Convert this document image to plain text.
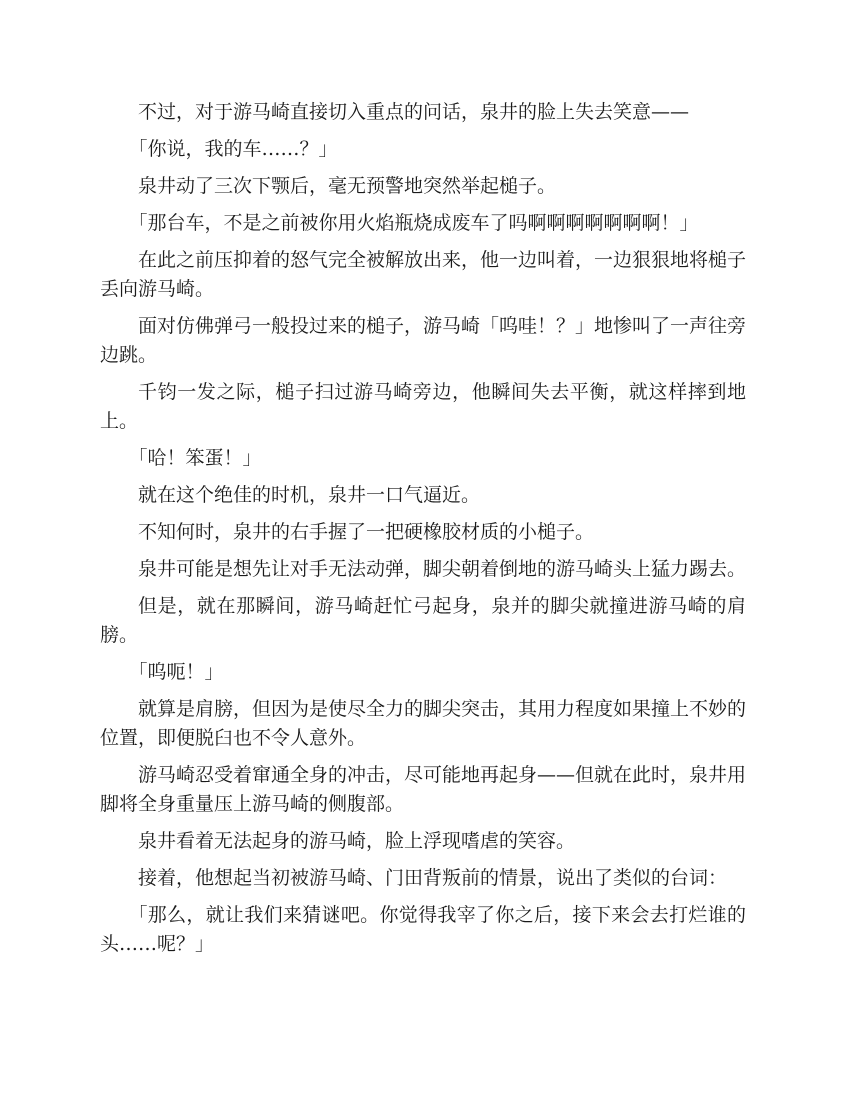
不过，对于游马崎直接切入重点的问话，泉井的脸上失去笑意——

「你说，我的车……？」

泉井动了三次下颚后，毫无预警地突然举起槌子。

「那台车，不是之前被你用火焰瓶烧成废车了吗啊啊啊啊啊啊啊！」

在此之前压抑着的怒气完全被解放出来，他一边叫着，一边狠狠地将槌子丢向游马崎。

面对仿佛弹弓一般投过来的槌子，游马崎「呜哇！？」地惨叫了一声往旁边跳。

千钧一发之际，槌子扫过游马崎旁边，他瞬间失去平衡，就这样摔到地上。

「哈！笨蛋！」

就在这个绝佳的时机，泉井一口气逼近。

不知何时，泉井的右手握了一把硬橡胶材质的小槌子。

泉井可能是想先让对手无法动弹，脚尖朝着倒地的游马崎头上猛力踢去。

但是，就在那瞬间，游马崎赶忙弓起身，泉并的脚尖就撞进游马崎的肩膀。

「呜呃！」

就算是肩膀，但因为是使尽全力的脚尖突击，其用力程度如果撞上不妙的位置，即便脱臼也不令人意外。

游马崎忍受着窜通全身的冲击，尽可能地再起身——但就在此时，泉井用脚将全身重量压上游马崎的侧腹部。

泉井看着无法起身的游马崎，脸上浮现嗜虐的笑容。

接着，他想起当初被游马崎、门田背叛前的情景，说出了类似的台词：

「那么，就让我们来猜谜吧。你觉得我宰了你之后，接下来会去打烂谁的头……呢？」
